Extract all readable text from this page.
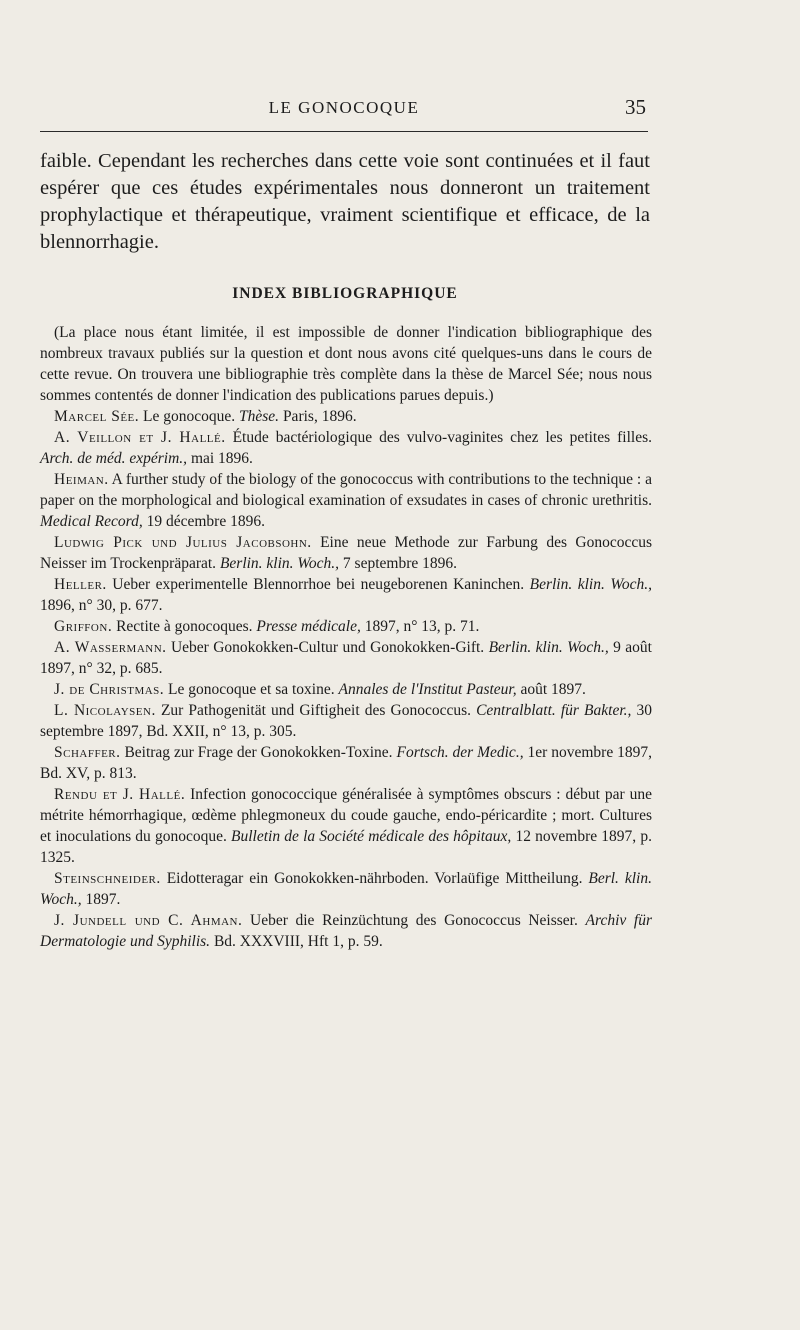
LE GONOCOQUE	35

faible. Cependant les recherches dans cette voie sont continuées et il faut espérer que ces études expérimentales nous donneront un traitement prophylactique et thérapeutique, vraiment scientifique et efficace, de la blennorrhagie.

INDEX BIBLIOGRAPHIQUE

(La place nous étant limitée, il est impossible de donner l'indication bibliographique des nombreux travaux publiés sur la question et dont nous avons cité quelques-uns dans le cours de cette revue. On trouvera une bibliographie très complète dans la thèse de Marcel Sée; nous nous sommes contentés de donner l'indication des publications parues depuis.)

Marcel Sée. Le gonocoque. Thèse. Paris, 1896.

A. Veillon et J. Hallé. Étude bactériologique des vulvo-vaginites chez les petites filles. Arch. de méd. expérim., mai 1896.

Heiman. A further study of the biology of the gonococcus with contributions to the technique : a paper on the morphological and biological examination of exsudates in cases of chronic urethritis. Medical Record, 19 décembre 1896.

Ludwig Pick und Julius Jacobsohn. Eine neue Methode zur Farbung des Gonococcus Neisser im Trockenpräparat. Berlin. klin. Woch., 7 septembre 1896.

Heller. Ueber experimentelle Blennorrhoe bei neugeborenen Kaninchen. Berlin. klin. Woch., 1896, n° 30, p. 677.

Griffon. Rectite à gonocoques. Presse médicale, 1897, n° 13, p. 71.

A. Wassermann. Ueber Gonokokken-Cultur und Gonokokken-Gift. Berlin. klin. Woch., 9 août 1897, n° 32, p. 685.

J. de Christmas. Le gonocoque et sa toxine. Annales de l'Institut Pasteur, août 1897.

L. Nicolaysen. Zur Pathogenität und Giftigheit des Gonococcus. Centralblatt. für Bakter., 30 septembre 1897, Bd. XXII, n° 13, p. 305.

Schaffer. Beitrag zur Frage der Gonokokken-Toxine. Fortsch. der Medic., 1er novembre 1897, Bd. XV, p. 813.

Rendu et J. Hallé. Infection gonococcique généralisée à symptômes obscurs : début par une métrite hémorrhagique, œdème phlegmoneux du coude gauche, endo-péricardite ; mort. Cultures et inoculations du gonocoque. Bulletin de la Société médicale des hôpitaux, 12 novembre 1897, p. 1325.

Steinschneider. Eidotteragar ein Gonokokken-nährboden. Vorlaüfige Mittheilung. Berl. klin. Woch., 1897.

J. Jundell und C. Ahman. Ueber die Reinzüchtung des Gonococcus Neisser. Archiv für Dermatologie und Syphilis. Bd. XXXVIII, Hft 1, p. 59.
